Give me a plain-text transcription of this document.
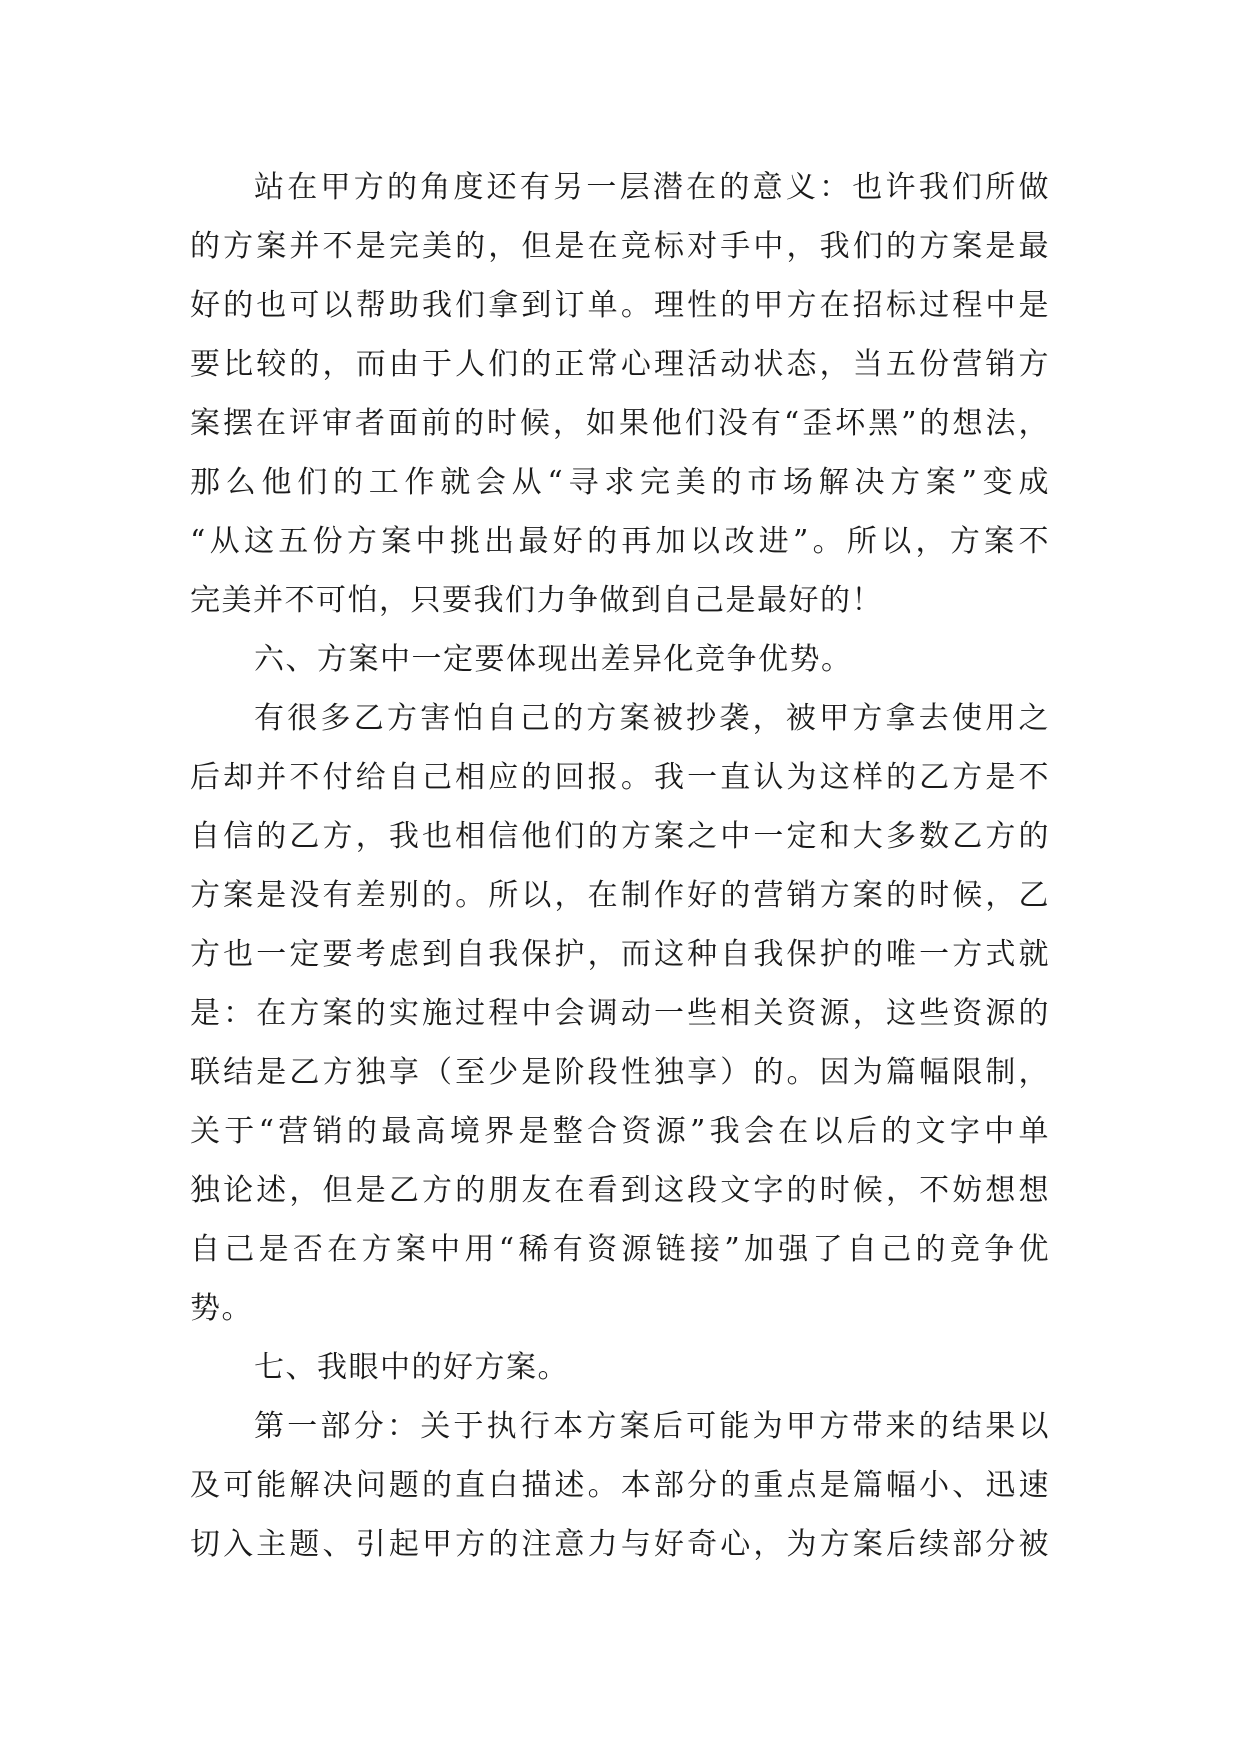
站在甲方的角度还有另一层潜在的意义：也许我们所做
的方案并不是完美的，但是在竞标对手中，我们的方案是最
好的也可以帮助我们拿到订单。理性的甲方在招标过程中是
要比较的，而由于人们的正常心理活动状态，当五份营销方
案摆在评审者面前的时候，如果他们没有“歪坏黑”的想法，
那么他们的工作就会从“寻求完美的市场解决方案”变成
“从这五份方案中挑出最好的再加以改进”。所以，方案不
完美并不可怕，只要我们力争做到自己是最好的！
六、方案中一定要体现出差异化竞争优势。
有很多乙方害怕自己的方案被抄袭，被甲方拿去使用之
后却并不付给自己相应的回报。我一直认为这样的乙方是不
自信的乙方，我也相信他们的方案之中一定和大多数乙方的
方案是没有差别的。所以，在制作好的营销方案的时候，乙
方也一定要考虑到自我保护，而这种自我保护的唯一方式就
是：在方案的实施过程中会调动一些相关资源，这些资源的
联结是乙方独享（至少是阶段性独享）的。因为篇幅限制，
关于“营销的最高境界是整合资源”我会在以后的文字中单
独论述，但是乙方的朋友在看到这段文字的时候，不妨想想
自己是否在方案中用“稀有资源链接”加强了自己的竞争优
势。
七、我眼中的好方案。
第一部分：关于执行本方案后可能为甲方带来的结果以
及可能解决问题的直白描述。本部分的重点是篇幅小、迅速
切入主题、引起甲方的注意力与好奇心，为方案后续部分被
